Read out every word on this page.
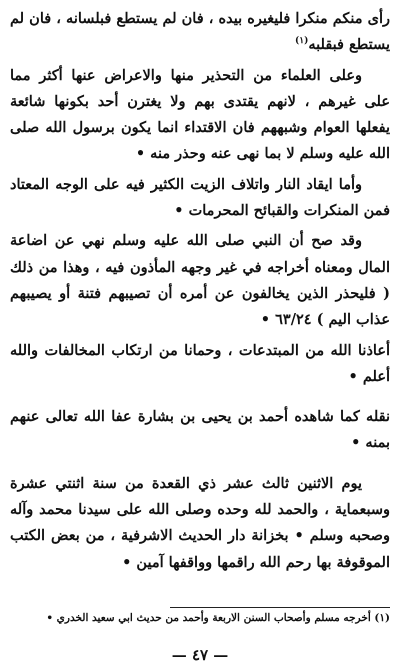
رأى منكم منكرا فليغيره بيده ، فان لم يستطع فبلسانه ، فان لم يستطع فبقلبه$^{(١)}$

وعلى العلماء من التحذير منها والاعراض عنها أكثر مما على غيرهم ، لانهم يقتدى بهم ولا يغترن أحد بكونها شائعة يفعلها العوام وشبههم فان الاقتداء انما يكون برسول الله صلى الله عليه وسلم لا بما نهى عنه وحذر منه •

وأما ايقاد النار واتلاف الزيت الكثير فيه على الوجه المعتاد فمن المنكرات والقبائح المحرمات •

وقد صح أن النبي صلى الله عليه وسلم نهي عن اضاعة المال ومعناه أخراجه في غير وجهه المأذون فيه ، وهذا من ذلك ( فليحذر الذين يخالفون عن أمره أن تصيبهم فتنة أو يصيبهم عذاب اليم ) ٦٣/٢٤ •

أعاذنا الله من المبتدعات ، وحمانا من ارتكاب المخالفات والله أعلم •

نقله كما شاهده أحمد بن يحيى بن بشارة عفا الله تعالى عنهم بمنه •

يوم الاثنين ثالث عشر ذي القعدة من سنة اثنتي عشرة وسبعماية ، والحمد لله وحده وصلى الله على سيدنا محمد وآله وصحبه وسلم • بخزانة دار الحديث الاشرفية ، من بعض الكتب الموقوفة بها رحم الله راقمها وواقفها آمين •

(١) أخرجه مسلم وأصحاب السنن الاربعة وأحمد من حديث ابي سعيد الخدري •
— ٤٧ —
